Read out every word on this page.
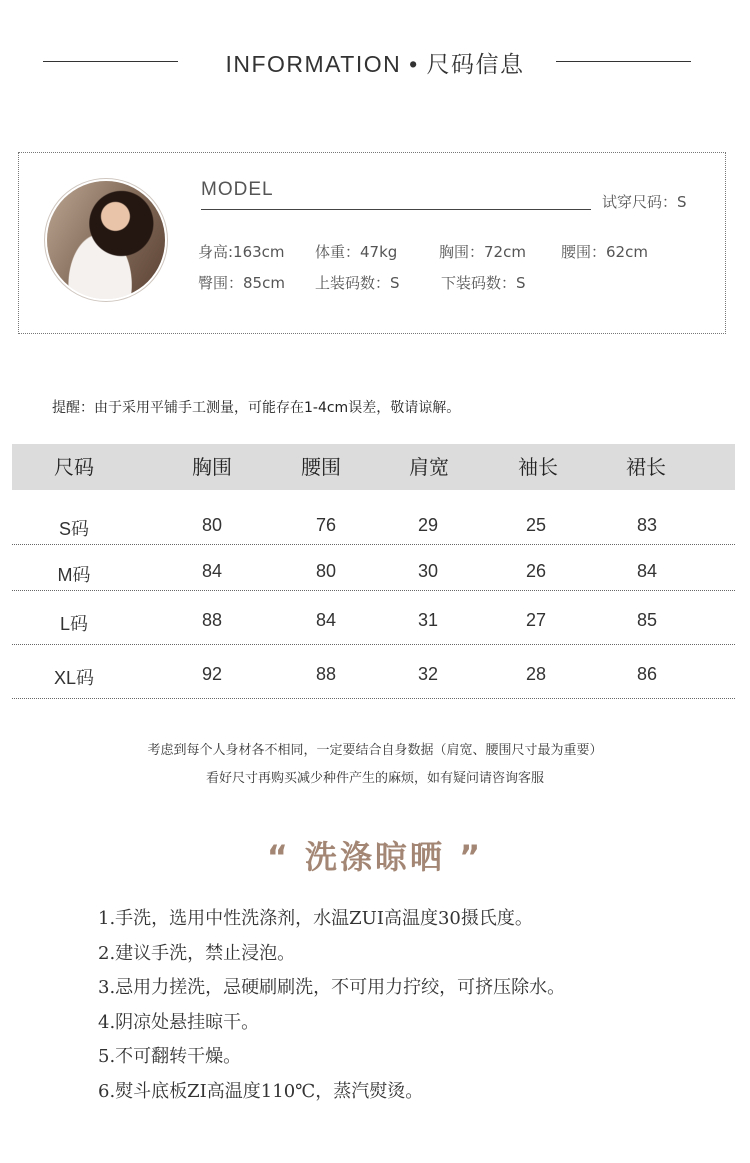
INFORMATION • 尺码信息
MODEL
试穿尺码：S
身高:163cm 体重：47kg	胸围：72cm 腰围：62cm
臀围：85cm 上装码数：S	下装码数：S
提醒：由于采用平铺手工测量，可能存在1-4cm误差，敬请谅解。
尺码	胸围	腰围	肩宽	袖长	裙长
S码	80	76	29	25	83
M码	84	80	30	26	84
L码	88	84	31	27	85
XL码	92	88	32	28	86
考虑到每个人身材各不相同，一定要结合自身数据（肩宽、腰围尺寸最为重要）
看好尺寸再购买减少种件产生的麻烦，如有疑问请咨询客服
“ 洗涤晾晒 ”
1.手洗，选用中性洗涤剂，水温ZUI高温度30摄氏度。
2.建议手洗，禁止浸泡。
3.忌用力搓洗，忌硬刷刷洗，不可用力拧绞，可挤压除水。
4.阴凉处悬挂晾干。
5.不可翻转干燥。
6.熨斗底板ZI高温度110℃，蒸汽熨烫。
